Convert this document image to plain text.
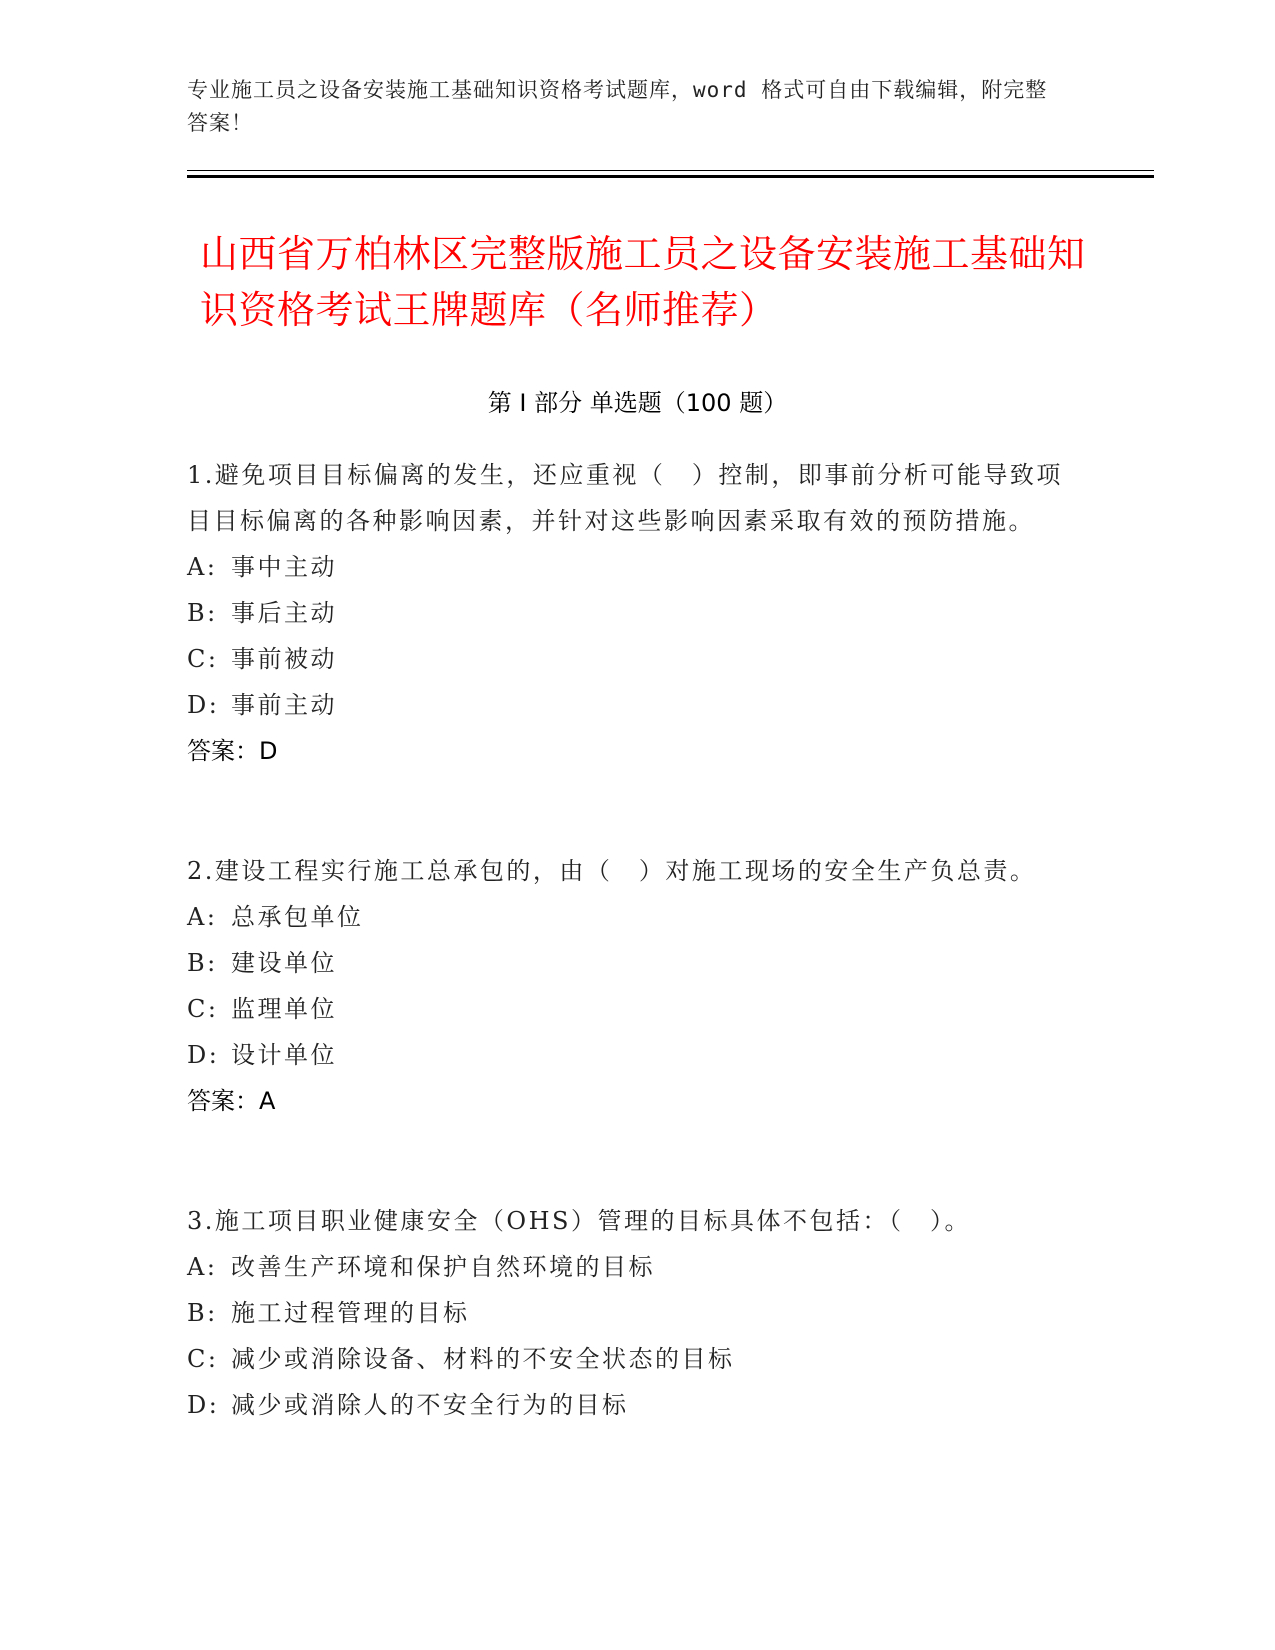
专业施工员之设备安装施工基础知识资格考试题库，word 格式可自由下载编辑，附完整答案！
山西省万柏林区完整版施工员之设备安装施工基础知识资格考试王牌题库（名师推荐）
第 I 部分 单选题（100 题）

1.避免项目目标偏离的发生，还应重视（　）控制，即事前分析可能导致项目目标偏离的各种影响因素，并针对这些影响因素采取有效的预防措施。

A: 事中主动

B: 事后主动

C: 事前被动

D: 事前主动

答案：D

2.建设工程实行施工总承包的，由（　）对施工现场的安全生产负总责。

A: 总承包单位

B: 建设单位

C: 监理单位

D: 设计单位

答案：A

3.施工项目职业健康安全（OHS）管理的目标具体不包括：（　）。

A: 改善生产环境和保护自然环境的目标

B: 施工过程管理的目标

C: 减少或消除设备、材料的不安全状态的目标

D: 减少或消除人的不安全行为的目标
